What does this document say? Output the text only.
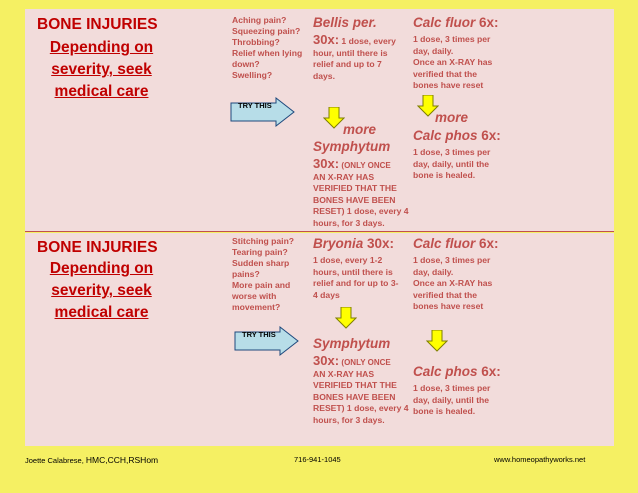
BONE INJURIES
Depending on
severity, seek
medical care
Aching pain?
Squeezing pain?
Throbbing?
Relief when lying
down?
Swelling?
TRY THIS
Bellis per.
30x: 1 dose, every
hour, until there is
relief and up to 7
days.
more
Symphytum
30x: (ONLY ONCE
AN X-RAY HAS
VERIFIED THAT THE
BONES HAVE BEEN
RESET) 1 dose, every 4
hours, for 3 days.
Calc fluor 6x:
1 dose, 3 times per
day, daily.
Once an X-RAY has
verified that the
bones have reset
more
Calc phos 6x:
1 dose, 3 times per
day, daily, until the
bone is healed.
BONE INJURIES
Depending on
severity, seek
medical care
Stitching pain?
Tearing pain?
Sudden sharp
pains?
More pain and
worse with
movement?
TRY THIS
Bryonia 30x:
1 dose, every 1-2
hours, until there is
relief and for up to 3-
4 days
Symphytum
30x: (ONLY ONCE
AN X-RAY HAS
VERIFIED THAT THE
BONES HAVE BEEN
RESET) 1 dose, every 4
hours, for 3 days.
Calc fluor 6x:
1 dose, 3 times per
day, daily.
Once an X-RAY has
verified that the
bones have reset
Calc phos 6x:
1 dose, 3 times per
day, daily, until the
bone is healed.
Joette Calabrese, HMC,CCH,RSHom	716-941-1045	www.homeopathyworks.net
